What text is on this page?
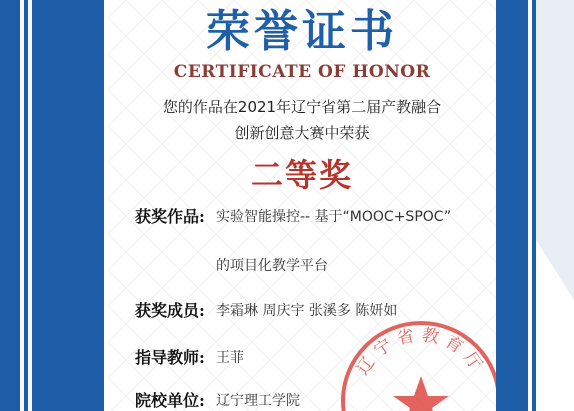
荣誉证书
CERTIFICATE OF HONOR
您的作品在2021年辽宁省第二届产教融合
创新创意大赛中荣获
二等奖
获奖作品: 实验智能操控-- 基于“MOOC+SPOC”
的项目化教学平台
获奖成员: 李霜琳 周庆宇 张溪多 陈妍如
指导教师: 王菲
院校单位: 辽宁理工学院
辽宁省教育厅
